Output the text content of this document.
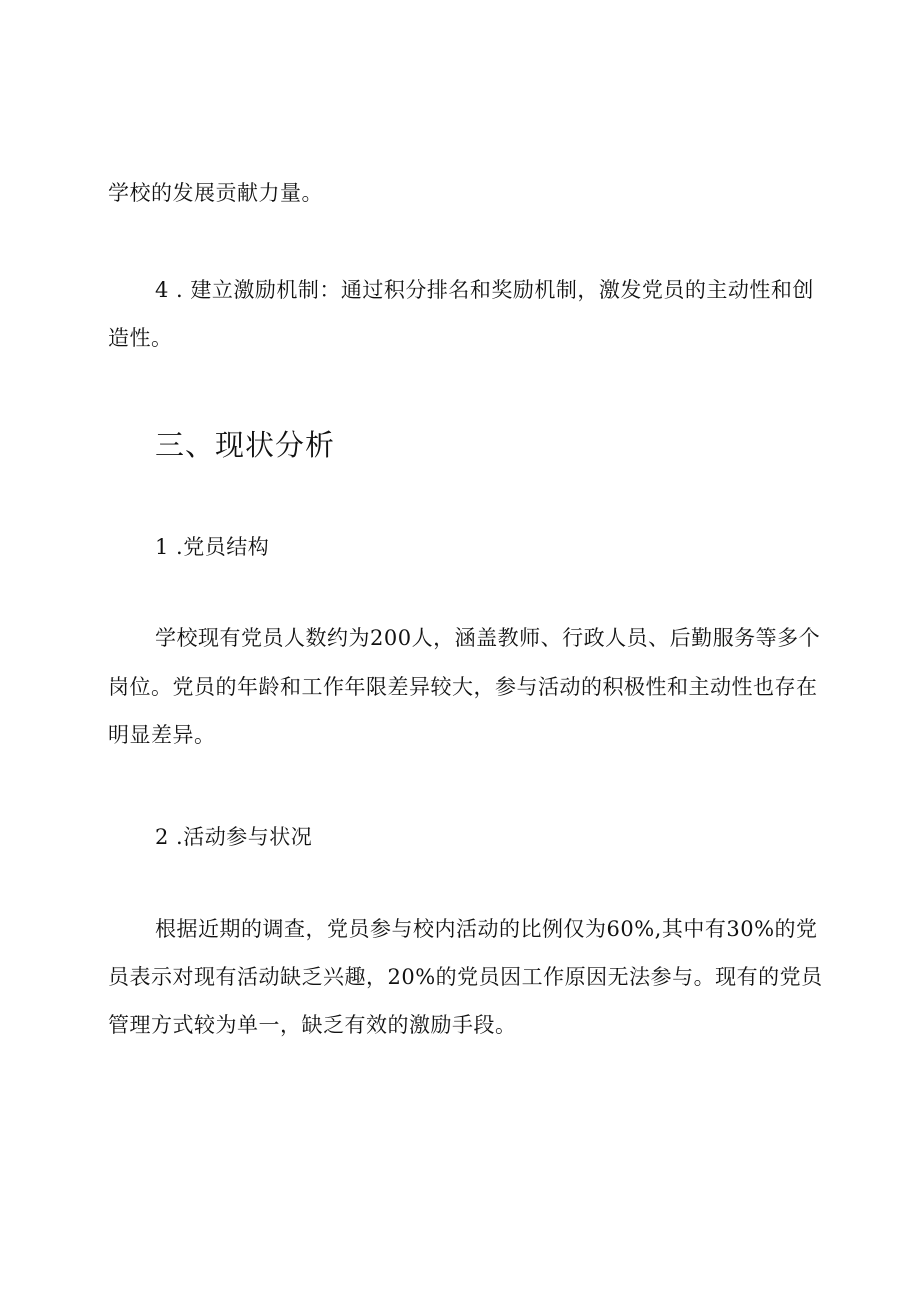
学校的发展贡献力量。
4 . 建立激励机制：通过积分排名和奖励机制，激发党员的主动性和创
造性。
三、现状分析
1 .党员结构
学校现有党员人数约为200人，涵盖教师、行政人员、后勤服务等多个
岗位。党员的年龄和工作年限差异较大，参与活动的积极性和主动性也存在
明显差异。
2 .活动参与状况
根据近期的调查，党员参与校内活动的比例仅为60%,其中有30%的党
员表示对现有活动缺乏兴趣，20%的党员因工作原因无法参与。现有的党员
管理方式较为单一，缺乏有效的激励手段。
